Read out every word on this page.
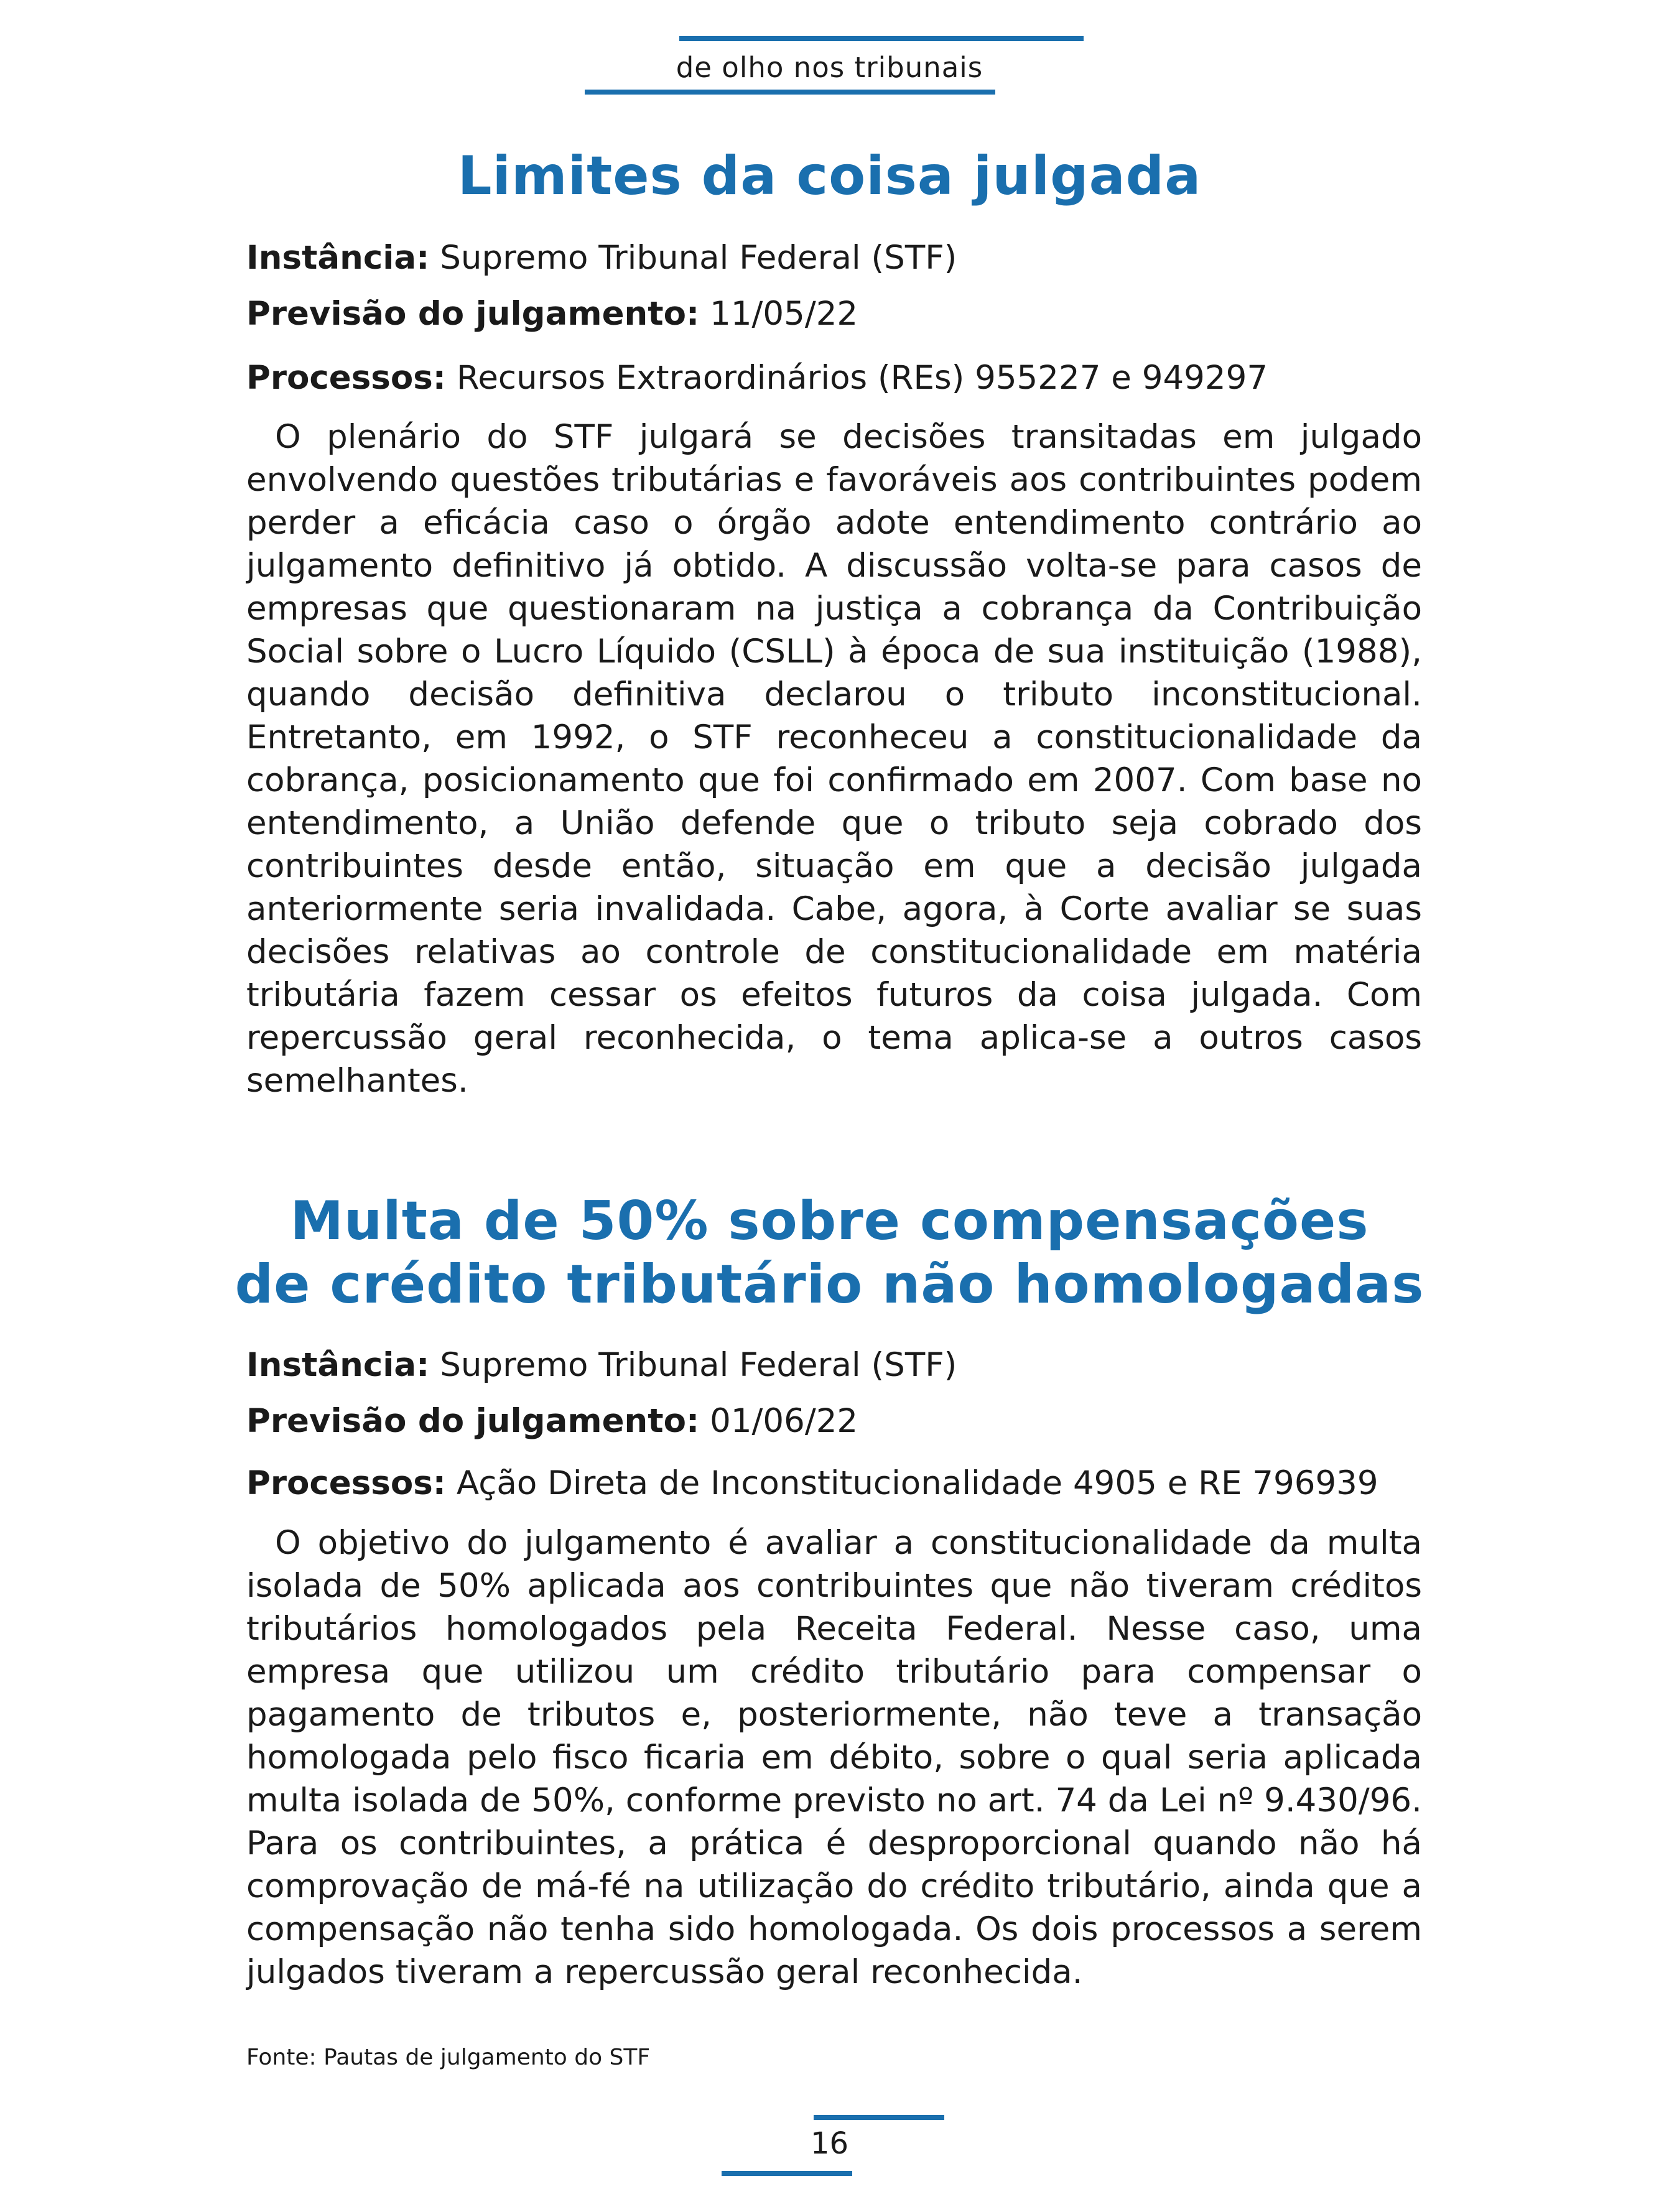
de olho nos tribunais
Limites da coisa julgada
Instância: Supremo Tribunal Federal (STF)
Previsão do julgamento: 11/05/22
Processos: Recursos Extraordinários (REs) 955227 e 949297

O plenário do STF julgará se decisões transitadas em julgado envolvendo questões tributárias e favoráveis aos contribuintes podem perder a eficácia caso o órgão adote entendimento contrário ao julgamento definitivo já obtido. A discussão volta-se para casos de empresas que questionaram na justiça a cobrança da Contribuição Social sobre o Lucro Líquido (CSLL) à época de sua instituição (1988), quando decisão definitiva declarou o tributo inconstitucional. Entretanto, em 1992, o STF reconheceu a constitucionalidade da cobrança, posicionamento que foi confirmado em 2007. Com base no entendimento, a União defende que o tributo seja cobrado dos contribuintes desde então, situação em que a decisão julgada anteriormente seria invalidada. Cabe, agora, à Corte avaliar se suas decisões relativas ao controle de constitucionalidade em matéria tributária fazem cessar os efeitos futuros da coisa julgada. Com repercussão geral reconhecida, o tema aplica-se a outros casos semelhantes.

Multa de 50% sobre compensações
de crédito tributário não homologadas
Instância: Supremo Tribunal Federal (STF)
Previsão do julgamento: 01/06/22
Processos: Ação Direta de Inconstitucionalidade 4905 e RE 796939

O objetivo do julgamento é avaliar a constitucionalidade da multa isolada de 50% aplicada aos contribuintes que não tiveram créditos tributários homologados pela Receita Federal. Nesse caso, uma empresa que utilizou um crédito tributário para compensar o pagamento de tributos e, posteriormente, não teve a transação homologada pelo fisco ficaria em débito, sobre o qual seria aplicada multa isolada de 50%, conforme previsto no art. 74 da Lei nº 9.430/96. Para os contribuintes, a prática é desproporcional quando não há comprovação de má-fé na utilização do crédito tributário, ainda que a compensação não tenha sido homologada. Os dois processos a serem julgados tiveram a repercussão geral reconhecida.

Fonte: Pautas de julgamento do STF
16
